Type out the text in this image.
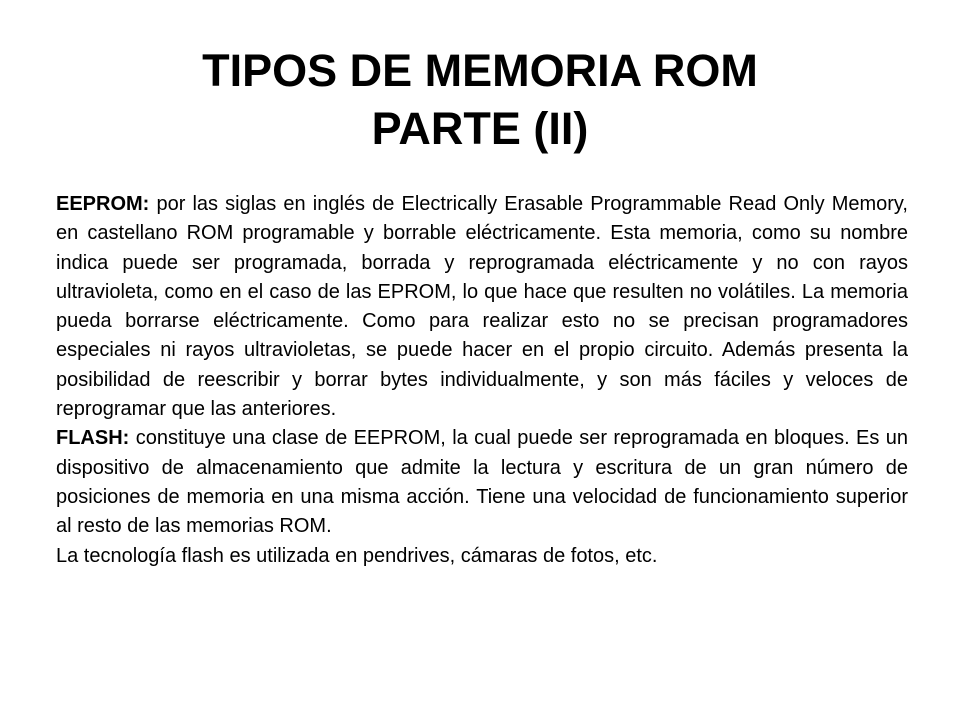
TIPOS DE MEMORIA ROM
PARTE (II)

EEPROM: por las siglas en inglés de Electrically Erasable Programmable Read Only Memory, en castellano ROM programable y borrable eléctricamente. Esta memoria, como su nombre indica puede ser programada, borrada y reprogramada eléctricamente y no con rayos ultravioleta, como en el caso de las EPROM, lo que hace que resulten no volátiles. La memoria pueda borrarse eléctricamente. Como para realizar esto no se precisan programadores especiales ni rayos ultravioletas, se puede hacer en el propio circuito. Además presenta la posibilidad de reescribir y borrar bytes individualmente, y son más fáciles y veloces de reprogramar que las anteriores.

FLASH: constituye una clase de EEPROM, la cual puede ser reprogramada en bloques. Es un dispositivo de almacenamiento que admite la lectura y escritura de un gran número de posiciones de memoria en una misma acción. Tiene una velocidad de funcionamiento superior al resto de las memorias ROM.

La tecnología flash es utilizada en pendrives, cámaras de fotos, etc.
